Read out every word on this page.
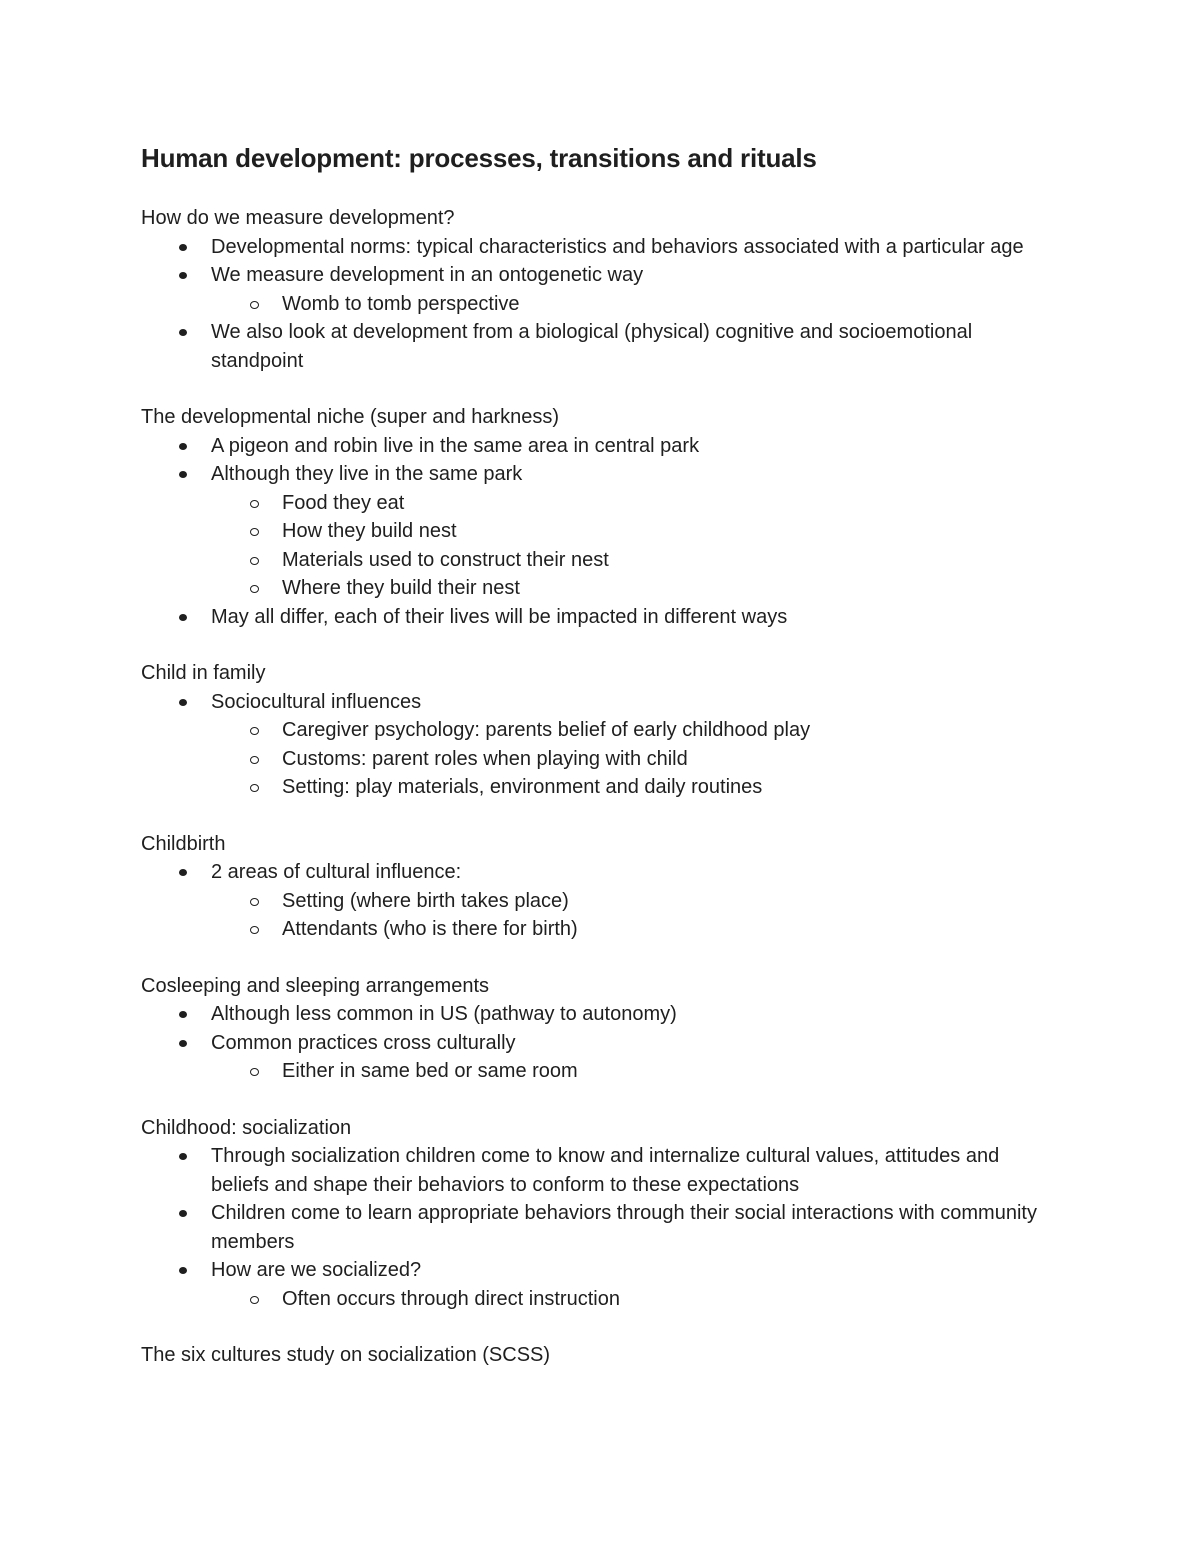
Human development: processes, transitions and rituals

How do we measure development?

Developmental norms: typical characteristics and behaviors associated with a particular age
We measure development in an ontogenetic way
Womb to tomb perspective
We also look at development from a biological (physical) cognitive and socioemotional standpoint

The developmental niche (super and harkness)

A pigeon and robin live in the same area in central park
Although they live in the same park
Food they eat
How they build nest
Materials used to construct their nest
Where they build their nest
May all differ, each of their lives will be impacted in different ways

Child in family

Sociocultural influences
Caregiver psychology: parents belief of early childhood play
Customs: parent roles when playing with child
Setting: play materials, environment and daily routines

Childbirth

2 areas of cultural influence:
Setting (where birth takes place)
Attendants (who is there for birth)

Cosleeping and sleeping arrangements

Although less common in US (pathway to autonomy)
Common practices cross culturally
Either in same bed or same room

Childhood: socialization

Through socialization children come to know and internalize cultural values, attitudes and beliefs and shape their behaviors to conform to these expectations
Children come to learn appropriate behaviors through their social interactions with community members
How are we socialized?
Often occurs through direct instruction

The six cultures study on socialization (SCSS)
